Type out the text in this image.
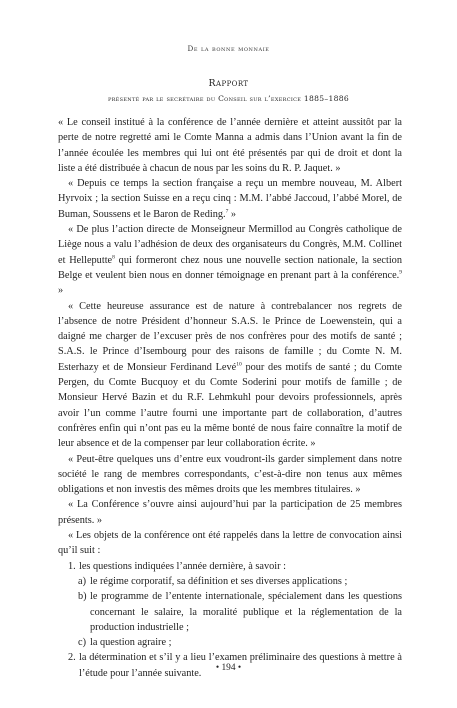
De la bonne monnaie
Rapport
présenté par le secrétaire du Conseil sur l’exercice 1885–1886

« Le conseil institué à la conférence de l’année dernière et atteint aussitôt par la perte de notre regretté ami le Comte Manna a admis dans l’Union avant la fin de l’année écoulée les membres qui lui ont été présentés par qui de droit et dont la liste a été distribuée à chacun de nous par les soins du R. P. Jaquet. »

« Depuis ce temps la section française a reçu un membre nouveau, M. Albert Hyrvoix ; la section Suisse en a reçu cinq : M.M. l’abbé Jaccoud, l’abbé Morel, de Buman, Soussens et le Baron de Reding.$^7$ »

« De plus l’action directe de Monseigneur Mermillod au Congrès catholique de Liège nous a valu l’adhésion de deux des organisateurs du Congrès, M.M. Collinet et Helleputte$^8$ qui formeront chez nous une nouvelle section nationale, la section Belge et veulent bien nous en donner témoignage en prenant part à la conférence.$^9$ »

« Cette heureuse assurance est de nature à contrebalancer nos regrets de l’absence de notre Président d’honneur S.A.S. le Prince de Loewenstein, qui a daigné me charger de l’excuser près de nos confrères pour des motifs de santé ; S.A.S. le Prince d’Isembourg pour des raisons de famille ; du Comte N. M. Esterhazy et de Monsieur Ferdinand Levé$^{10}$ pour des motifs de santé ; du Comte Pergen, du Comte Bucquoy et du Comte Soderini pour motifs de famille ; de Monsieur Hervé Bazin et du R.F. Lehmkuhl pour devoirs professionnels, après avoir l’un comme l’autre fourni une importante part de collaboration, d’autres confrères enfin qui n’ont pas eu la même bonté de nous faire connaître la motif de leur absence et de la compenser par leur collaboration écrite. »

« Peut-être quelques uns d’entre eux voudront-ils garder simplement dans notre société le rang de membres correspondants, c’est-à-dire non tenus aux mêmes obligations et non investis des mêmes droits que les membres titulaires. »

« La Conférence s’ouvre ainsi aujourd’hui par la participation de 25 membres présents. »

« Les objets de la conférence ont été rappelés dans la lettre de convocation ainsi qu’il suit :

1. les questions indiquées l’année dernière, à savoir :
a) le régime corporatif, sa définition et ses diverses applications ;
b) le programme de l’entente internationale, spécialement dans les questions concernant le salaire, la moralité publique et la réglementation de la production industrielle ;
c) la question agraire ;
2. la détermination et s’il y a lieu l’examen préliminaire des questions à mettre à l’étude pour l’année suivante.	• 194 •
